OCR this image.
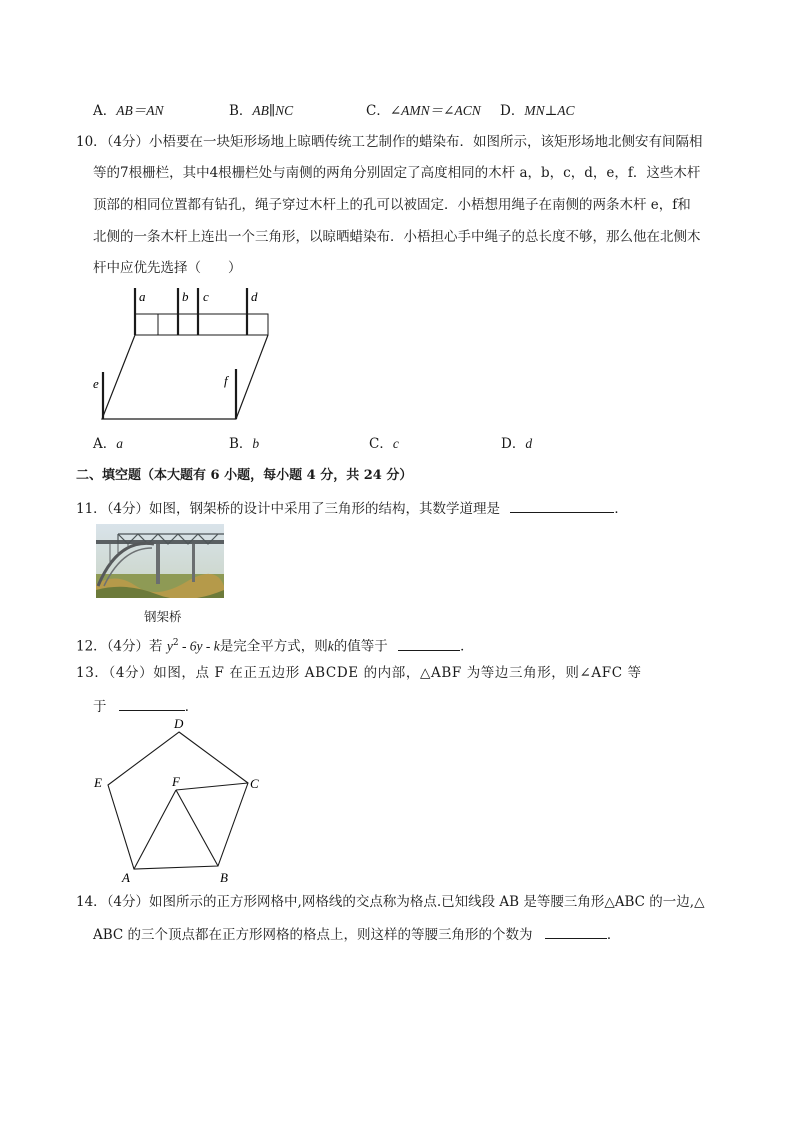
A．AB＝AN	B．AB∥NC	C．∠AMN＝∠ACN D．MN⊥AC
10．（4分）小梧要在一块矩形场地上晾晒传统工艺制作的蜡染布．如图所示，该矩形场地北侧安有间隔相
等的7根栅栏，其中4根栅栏处与南侧的两角分别固定了高度相同的木杆 a，b，c，d，e，f．这些木杆
顶部的相同位置都有钻孔，绳子穿过木杆上的孔可以被固定．小梧想用绳子在南侧的两条木杆 e，f和
北侧的一条木杆上连出一个三角形，以晾晒蜡染布．小梧担心手中绳子的总长度不够，那么他在北侧木
杆中应优先选择（　　）
a	b c	d
e	f
A．a	B．b	C．c	D．d
二、填空题（本大题有 6 小题，每小题 4 分，共 24 分）
11．（4分）如图，钢架桥的设计中采用了三角形的结构，其数学道理是	．
钢架桥
12．（4分）若 $y^2 - 6y$ - k是完全平方式，则k的值等于	．
13．（4分）如图，点 F 在正五边形 ABCDE 的内部，△ABF 为等边三角形，则∠AFC 等
于	．
D
C
B
A
E	F
14．（4分）如图所示的正方形网格中,网格线的交点称为格点.已知线段 AB 是等腰三角形△ABC 的一边,△
ABC 的三个顶点都在正方形网格的格点上，则这样的等腰三角形的个数为	．
